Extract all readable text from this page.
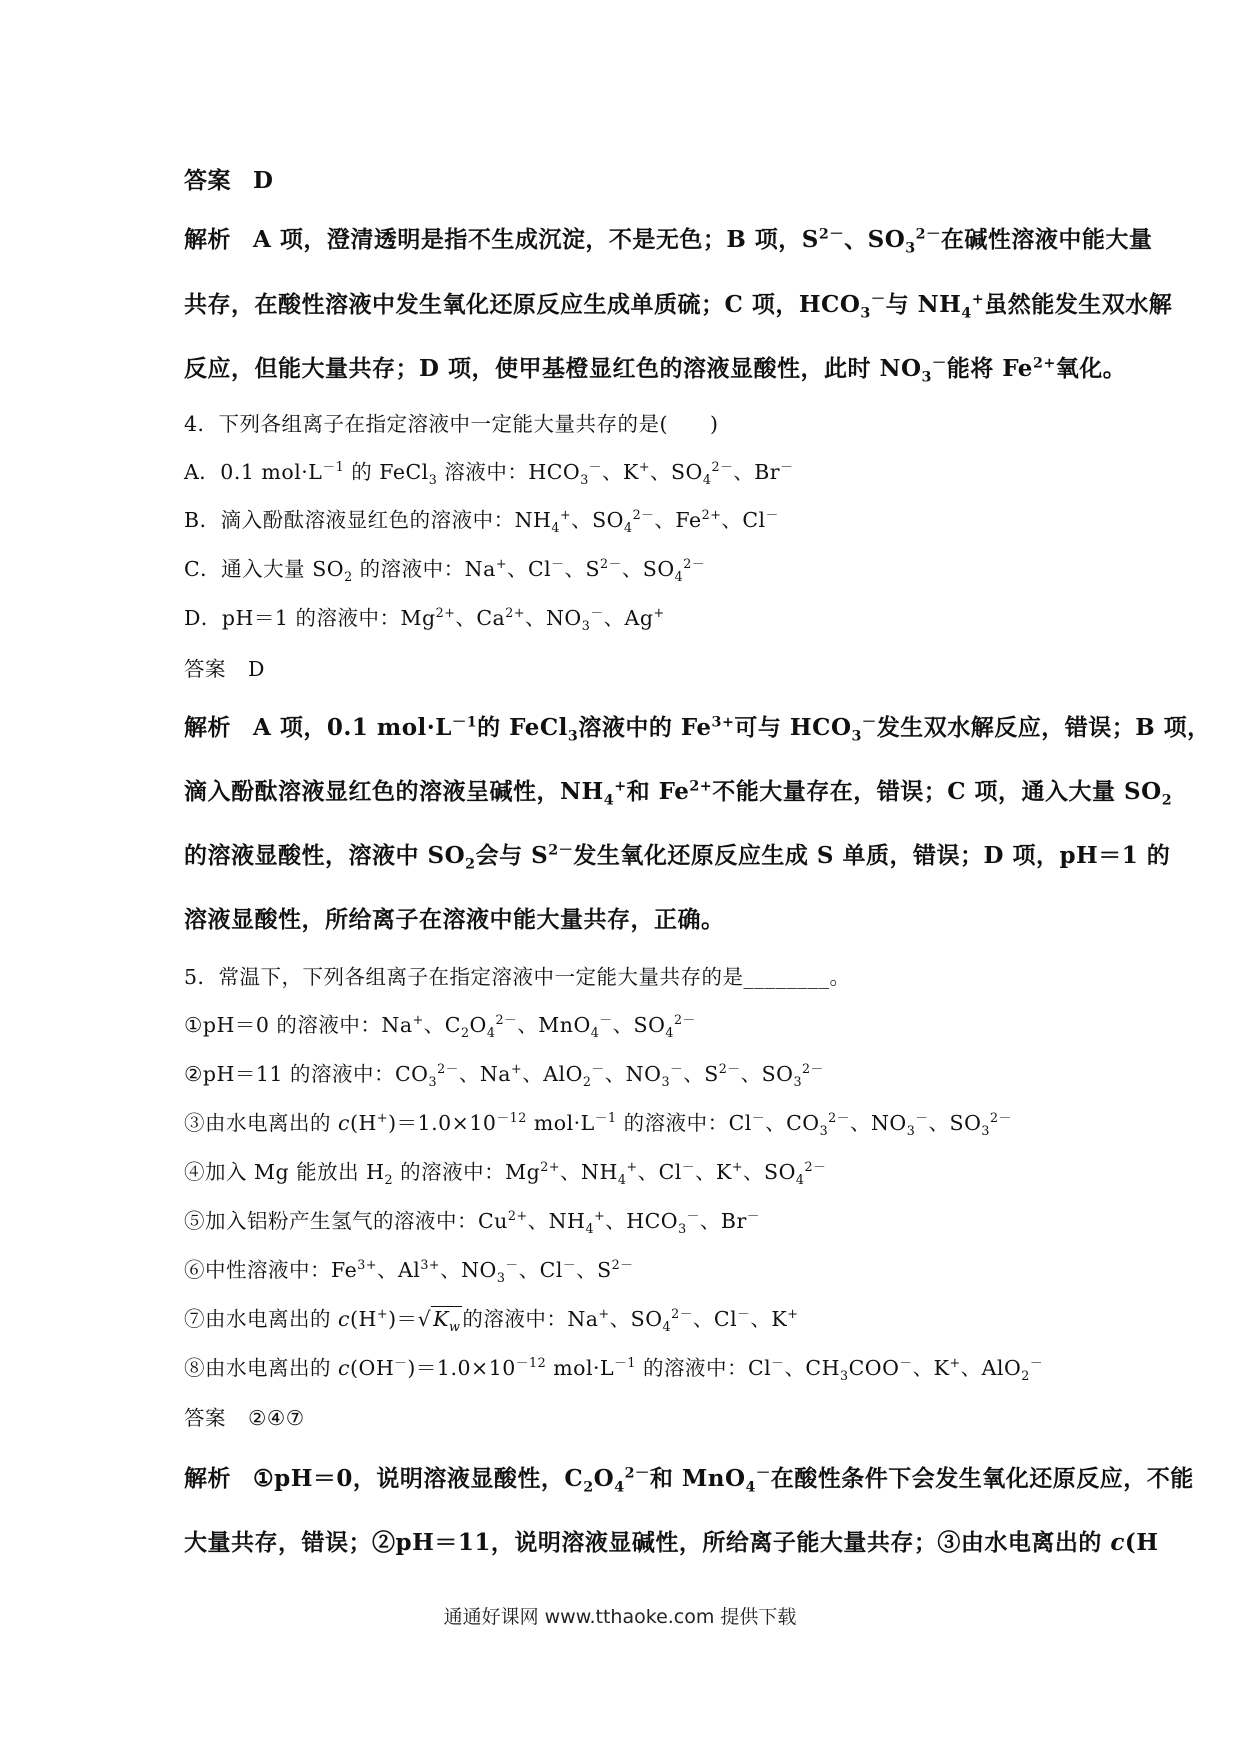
答案 D
解析 A 项，澄清透明是指不生成沉淀，不是无色；B 项，$S^{2-}$、$SO_3^{2-}$在碱性溶液中能大量
共存，在酸性溶液中发生氧化还原反应生成单质硫；C 项，$HCO_3^-$与 $NH_4^+$虽然能发生双水解
反应，但能大量共存；D 项，使甲基橙显红色的溶液显酸性，此时 $NO_3^-$能将 $Fe^{2+}$氧化。
4．下列各组离子在指定溶液中一定能大量共存的是(　　)
A．0.1 $mol\cdot L^{-1}$ 的 FeCl$_3$ 溶液中：$HCO_3^-$、K+、$SO_4^{2-}$、Br－
B．滴入酚酞溶液显红色的溶液中：$NH_4^+$、$SO_4^{2-}$、$Fe^{2+}$、Cl－
C．通入大量 $SO_2$ 的溶液中：Na+、Cl－、$S^{2-}$、$SO_4^{2-}$
D．pH＝1 的溶液中：$Mg^{2+}$、$Ca^{2+}$、$NO_3^-$、Ag+
答案 D
解析 A 项，0.1 $mol\cdot L^{-1}$的 FeCl$_3$溶液中的 $Fe^{3+}$可与 $HCO_3^-$发生双水解反应，错误；B 项，
滴入酚酞溶液显红色的溶液呈碱性，$NH_4^+$和 $Fe^{2+}$不能大量存在，错误；C 项，通入大量 $SO_2$
的溶液显酸性，溶液中 $SO_2$会与 $S^{2-}$发生氧化还原反应生成 S 单质，错误；D 项，pH＝1 的
溶液显酸性，所给离子在溶液中能大量共存，正确。
5．常温下，下列各组离子在指定溶液中一定能大量共存的是________。
①pH＝0 的溶液中：Na+、$C_2O_4^{2-}$、MnO$_4$－、$SO_4^{2-}$
②pH＝11 的溶液中：$CO_3^{2-}$、Na+、AlO$_2$－、$NO_3^-$、$S^{2-}$、$SO_3^{2-}$
③由水电离出的 $c(H^+)=1.0\times 10^{-12}$ $mol\cdot L^{-1}$ 的溶液中：Cl－、$CO_3^{2-}$、$NO_3^-$、$SO_3^{2-}$
④加入 Mg 能放出 $H_2$ 的溶液中：$Mg^{2+}$、$NH_4^+$、Cl－、K+、$SO_4^{2-}$
⑤加入铝粉产生氢气的溶液中：$Cu^{2+}$、$NH_4^+$、$HCO_3^-$、Br－
⑥中性溶液中：$Fe^{3+}$、$Al^{3+}$、$NO_3^-$、Cl－、$S^{2-}$
⑦由水电离出的 $c(H^+)=√K_w$的溶液中：Na+、$SO_4^{2-}$、Cl－、K+
⑧由水电离出的 $c(OH^-)=1.0\times 10^{-12}$ $mol\cdot L^{-1}$ 的溶液中：Cl－、$CH_3COO^-$、K+、AlO$_2$－
答案 ②④⑦
解析 ①pH＝0，说明溶液显酸性，$C_2O_4^{2-}$和 MnO$_4$－在酸性条件下会发生氧化还原反应，不能
大量共存，错误；②pH＝11，说明溶液显碱性，所给离子能大量共存；③由水电离出的 c(H
通通好课网 www.tthaoke.com 提供下载
